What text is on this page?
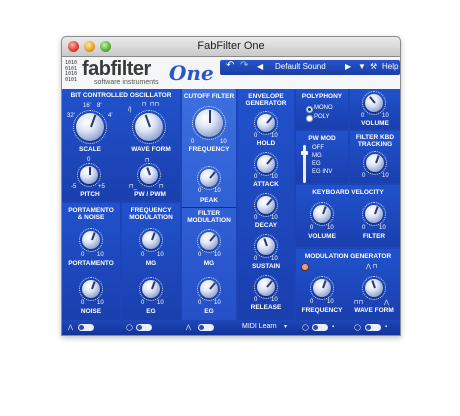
FabFilter One
1010
0101
1010
0101 fabfilter
software instruments One ↶ ↷ ◀ Default Sound ▶ ▼ ⚒ Help
BIT CONTROLLED OSCILLATOR
16' 8'
32'	4'
SCALE
/|
⊓ ⊓⊓
WAVE FORM
0
-5	+5
PITCH
⊓
⊓_	⊓
PW / PWM
PORTAMENTO
& NOISE
0 10
PORTAMENTO
0 10
NOISE
FREQUENCY
MODULATION
0 10
MG
0 10
EG
CUTOFF FILTER
0	10
FREQUENCY
0 10
PEAK
FILTER
MODULATION
0 10
MG
0 10
EG
ENVELOPE
GENERATOR
0 10
HOLD
0 10
ATTACK
0 10
DECAY
0 10
SUSTAIN
0 10
RELEASE
POLYPHONY
MONO
POLY	0	10
VOLUME
PW MOD
OFF
MG
EG
EG INV
FILTER KBD
TRACKING
0	10
KEYBOARD VELOCITY
0 10
VOLUME
0 10
FILTER
MODULATION GENERATOR
0 10
FREQUENCY
⋀ ⊓
⊓⊓	⋀
WAVE FORM
⋀	◯	⋀	MIDI Learn ▾ ◯	▪	◯	▪
